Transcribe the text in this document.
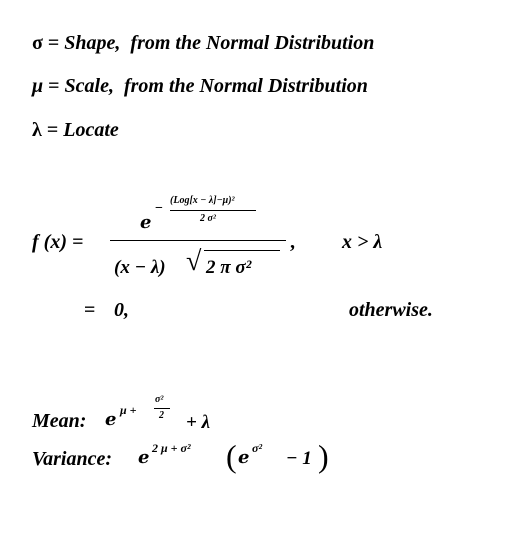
σ = Shape, from the Normal Distribution
μ = Scale, from the Normal Distribution
λ = Locate
f (x) =
e
−
(Log[x − λ]−μ)²
2 σ²
(x − λ) √ 2 π σ²
, x > λ
= 0,	otherwise.
Mean: e μ +
σ²
2 + λ
Variance: e 2 μ + σ² ( e σ² − 1 )
